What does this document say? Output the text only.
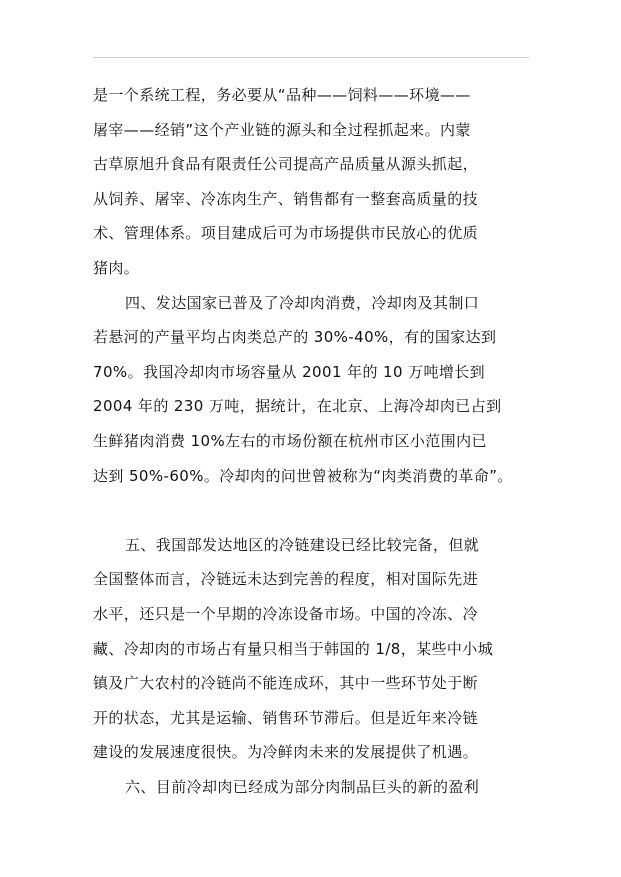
是一个系统工程，务必要从“品种——饲料——环境——
屠宰——经销”这个产业链的源头和全过程抓起来。内蒙
古草原旭升食品有限责任公司提高产品质量从源头抓起，
从饲养、屠宰、冷冻肉生产、销售都有一整套高质量的技
术、管理体系。项目建成后可为市场提供市民放心的优质
猪肉。
四、发达国家已普及了冷却肉消费，冷却肉及其制口
若悬河的产量平均占肉类总产的 30%-40%，有的国家达到
70%。我国冷却肉市场容量从 2001 年的 10 万吨增长到
2004 年的 230 万吨，据统计，在北京、上海冷却肉已占到
生鲜猪肉消费 10%左右的市场份额在杭州市区小范围内已
达到 50%-60%。冷却肉的问世曾被称为“肉类消费的革命”。
五、我国部发达地区的冷链建设已经比较完备，但就
全国整体而言，冷链远未达到完善的程度，相对国际先进
水平，还只是一个早期的冷冻设备市场。中国的冷冻、冷
藏、冷却肉的市场占有量只相当于韩国的 1/8，某些中小城
镇及广大农村的冷链尚不能连成环，其中一些环节处于断
开的状态，尤其是运输、销售环节滞后。但是近年来冷链
建设的发展速度很快。为冷鲜肉未来的发展提供了机遇。
六、目前冷却肉已经成为部分肉制品巨头的新的盈利
